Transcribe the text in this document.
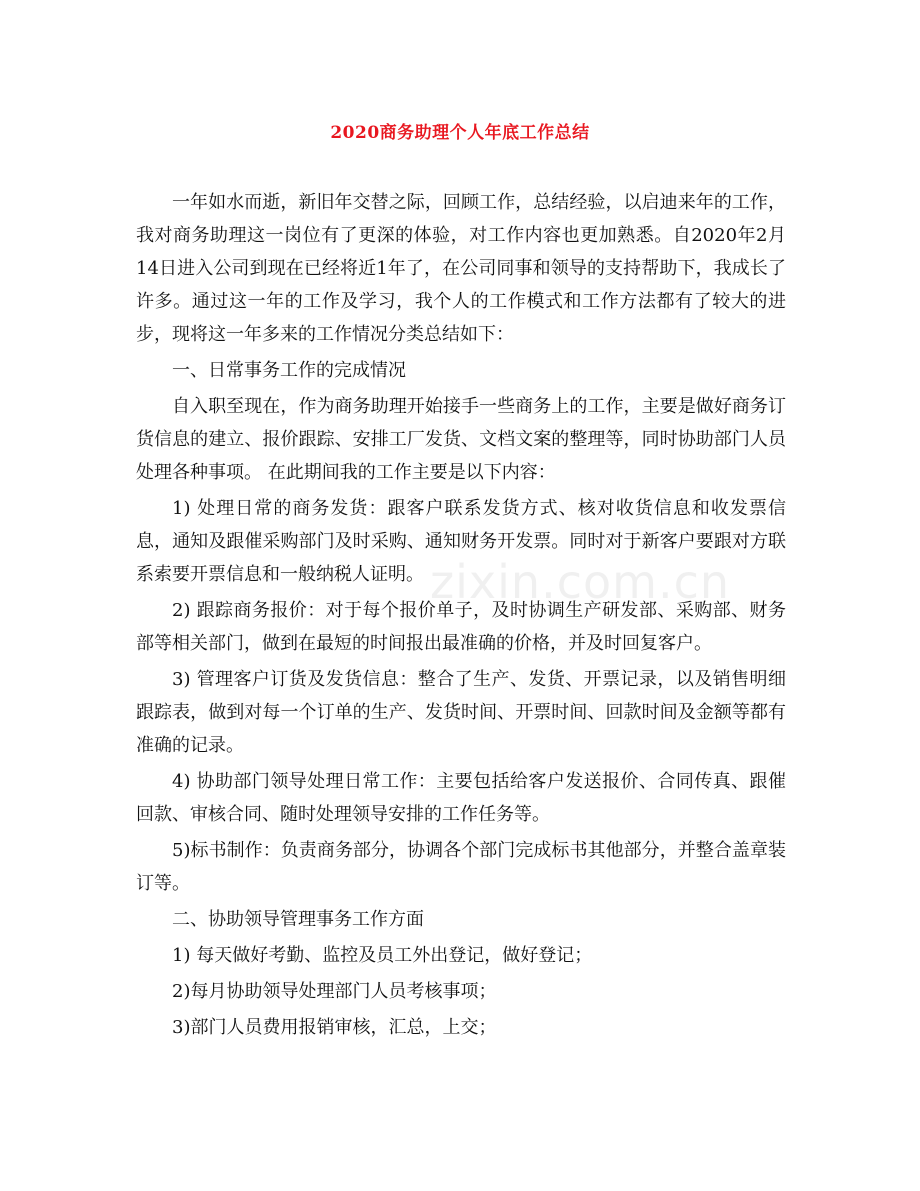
2020商务助理个人年底工作总结

一年如水而逝，新旧年交替之际，回顾工作，总结经验，以启迪来年的工作，我对商务助理这一岗位有了更深的体验，对工作内容也更加熟悉。自2020年2月14日进入公司到现在已经将近1年了，在公司同事和领导的支持帮助下，我成长了许多。通过这一年的工作及学习，我个人的工作模式和工作方法都有了较大的进步，现将这一年多来的工作情况分类总结如下：

一、日常事务工作的完成情况

自入职至现在，作为商务助理开始接手一些商务上的工作，主要是做好商务订货信息的建立、报价跟踪、安排工厂发货、文档文案的整理等，同时协助部门人员处理各种事项。 在此期间我的工作主要是以下内容：

1) 处理日常的商务发货：跟客户联系发货方式、核对收货信息和收发票信息，通知及跟催采购部门及时采购、通知财务开发票。同时对于新客户要跟对方联系索要开票信息和一般纳税人证明。

2) 跟踪商务报价：对于每个报价单子，及时协调生产研发部、采购部、财务部等相关部门，做到在最短的时间报出最准确的价格，并及时回复客户。

3) 管理客户订货及发货信息：整合了生产、发货、开票记录，以及销售明细跟踪表，做到对每一个订单的生产、发货时间、开票时间、回款时间及金额等都有准确的记录。

4) 协助部门领导处理日常工作：主要包括给客户发送报价、合同传真、跟催回款、审核合同、随时处理领导安排的工作任务等。

5)标书制作：负责商务部分，协调各个部门完成标书其他部分，并整合盖章装订等。

二、协助领导管理事务工作方面

1) 每天做好考勤、监控及员工外出登记，做好登记；

2)每月协助领导处理部门人员考核事项；

3)部门人员费用报销审核，汇总，上交；

zixin.com.cn
